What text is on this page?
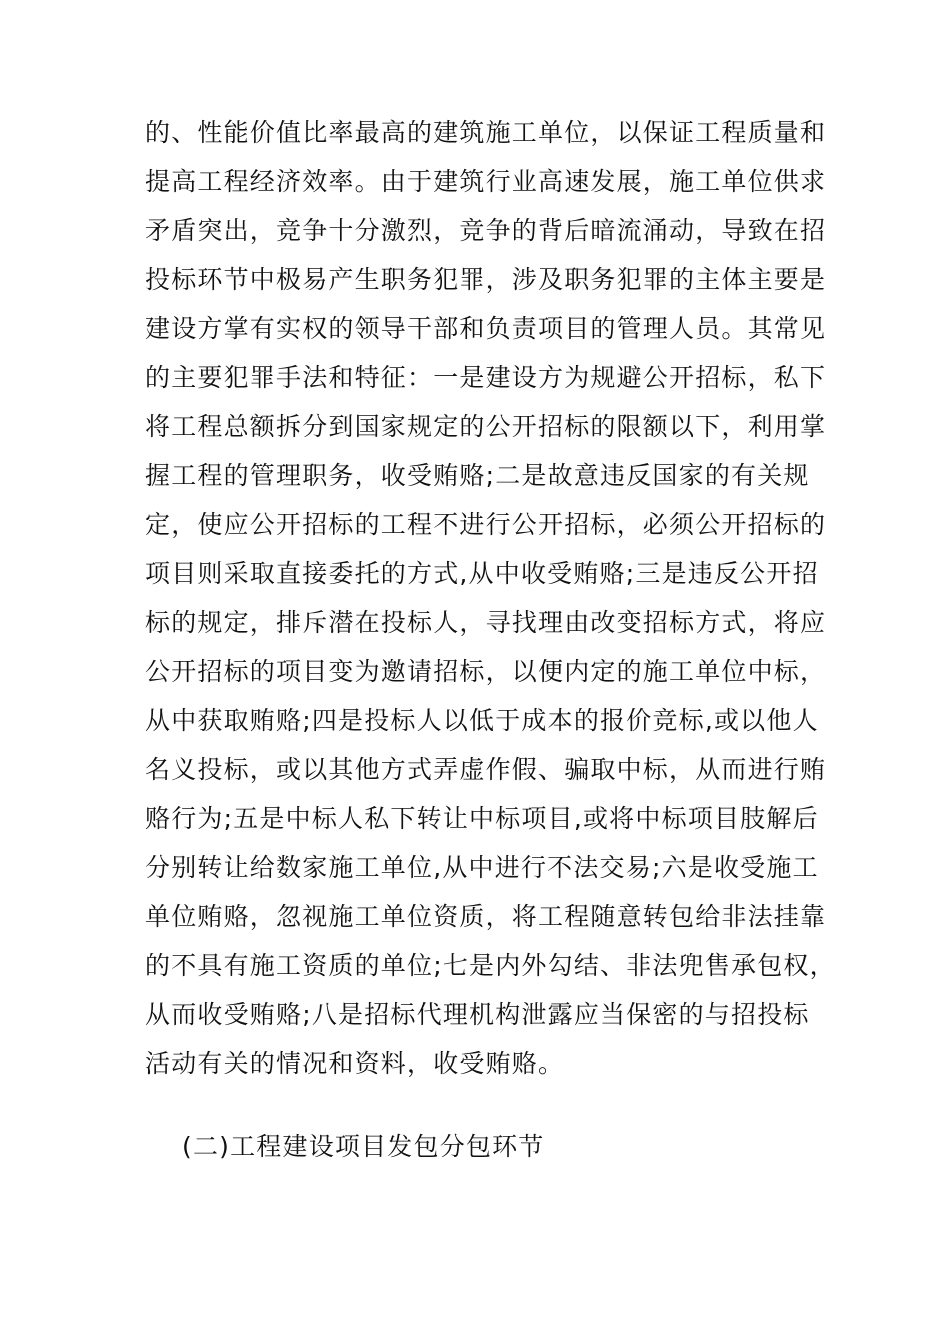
的、性能价值比率最高的建筑施工单位，以保证工程质量和
提高工程经济效率。由于建筑行业高速发展，施工单位供求
矛盾突出，竞争十分激烈，竞争的背后暗流涌动，导致在招
投标环节中极易产生职务犯罪，涉及职务犯罪的主体主要是
建设方掌有实权的领导干部和负责项目的管理人员。其常见
的主要犯罪手法和特征：一是建设方为规避公开招标，私下
将工程总额拆分到国家规定的公开招标的限额以下，利用掌
握工程的管理职务，收受贿赂;二是故意违反国家的有关规
定，使应公开招标的工程不进行公开招标，必须公开招标的
项目则采取直接委托的方式,从中收受贿赂;三是违反公开招
标的规定，排斥潜在投标人，寻找理由改变招标方式，将应
公开招标的项目变为邀请招标，以便内定的施工单位中标，
从中获取贿赂;四是投标人以低于成本的报价竞标,或以他人
名义投标，或以其他方式弄虚作假、骗取中标，从而进行贿
赂行为;五是中标人私下转让中标项目,或将中标项目肢解后
分别转让给数家施工单位,从中进行不法交易;六是收受施工
单位贿赂，忽视施工单位资质，将工程随意转包给非法挂靠
的不具有施工资质的单位;七是内外勾结、非法兜售承包权，
从而收受贿赂;八是招标代理机构泄露应当保密的与招投标
活动有关的情况和资料，收受贿赂。
(二)工程建设项目发包分包环节
